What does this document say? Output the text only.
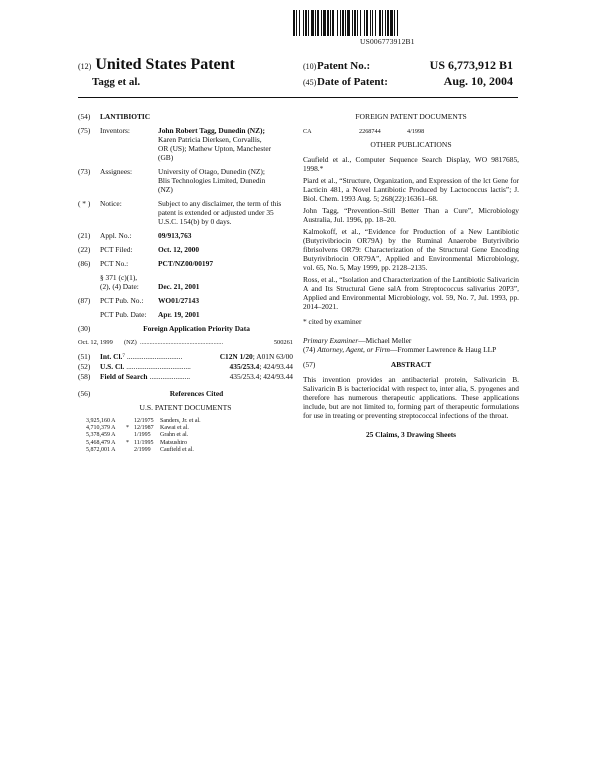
US006773912B1
(12) United States Patent
Tagg et al.
(10) Patent No.:	US 6,773,912 B1
(45) Date of Patent:	Aug. 10, 2004
(54)	LANTIBIOTIC
(75)	Inventors:	John Robert Tagg, Dunedin (NZ);
Karen Patricia Dierksen, Corvallis,
OR (US); Mathew Upton, Manchester
(GB)
(73)	Assignees:	University of Otago, Dunedin (NZ);
Blis Technologies Limited, Dunedin
(NZ)
( * )	Notice:	Subject to any disclaimer, the term of this
patent is extended or adjusted under 35
U.S.C. 154(b) by 0 days.
(21)	Appl. No.:	09/913,763
(22)	PCT Filed:	Oct. 12, 2000
(86)	PCT No.:	PCT/NZ00/00197
§ 371 (c)(1),
(2), (4) Date:	Dec. 21, 2001
(87)	PCT Pub. No.:	WO01/27143
PCT Pub. Date:	Apr. 19, 2001
(30)	Foreign Application Priority Data
Oct. 12, 1999	(NZ) ....................................................	500261
(51)	Int. Cl. 7 ..............................	C12N 1/20 ; A01N 63/00
(52)	U.S. Cl. ...................................	435/253.4 ; 424/93.44
(58)	Field of Search ......................	435/253.4; 424/93.44
(56)	References Cited
U.S. PATENT DOCUMENTS
3,925,160 A	12/1975	Sanders, Jr. et al.
4,710,379 A	* 12/1987	Kawai et al.
5,378,459 A	1/1995	Grahn et al.
5,468,479 A	* 11/1995	Matsushiro
5,872,001 A	2/1999	Caufield et al.
FOREIGN PATENT DOCUMENTS
CA	2268744	4/1998
OTHER PUBLICATIONS
Caufield et al., Computer Sequence Search Display, WO 9817685, 1998.*
Piard et al., “Structure, Organization, and Expression of the lct Gene for Lacticin 481, a Novel Lantibiotic Produced by Lactococcus lactis”; J. Biol. Chem. 1993 Aug. 5; 268(22):16361–68.
John Tagg, “Prevention–Still Better Than a Cure”, Microbiology Australia, Jul. 1996, pp. 18–20.
Kalmokoff, et al., “Evidence for Production of a New Lantibiotic (Butyrivibriocin OR79A) by the Ruminal Anaerobe Butyrivibrio fibrisolvens OR79: Characterization of the Structural Gene Encoding Butyrivibriocin OR79A”, Applied and Environmental Microbiology, vol. 65, No. 5, May 1999, pp. 2128–2135.
Ross, et al., “Isolation and Characterization of the Lantibiotic Salivaricin A and Its Structural Gene salA from Streptococcus salivarius 20P3”, Applied and Environmental Microbiology, vol. 59, No. 7, Jul. 1993, pp. 2014–2021.
* cited by examiner
Primary Examiner—Michael Meller
(74) Attorney, Agent, or Firm—Frommer Lawrence & Haug LLP
(57)	ABSTRACT
This invention provides an antibacterial protein, Salivaricin B. Salivaricin B is bacteriocidal with respect to, inter alia, S. pyogenes and therefore has numerous therapeutic applications. These applications include, but are not limited to, forming part of therapeutic formulations for use in treating or preventing streptococcal infections of the throat.
25 Claims, 3 Drawing Sheets
